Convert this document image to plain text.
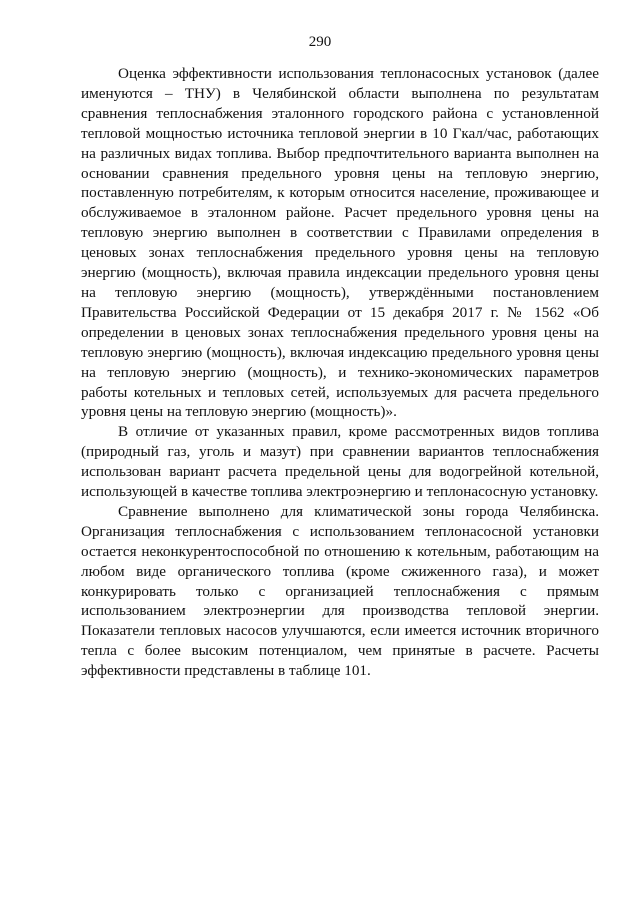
290

Оценка эффективности использования теплонасосных установок (далее именуются – ТНУ) в Челябинской области выполнена по результатам сравнения теплоснабжения эталонного городского района с установленной тепловой мощностью источника тепловой энергии в 10 Гкал/час, работающих на различных видах топлива. Выбор предпочтительного варианта выполнен на основании сравнения предельного уровня цены на тепловую энергию, поставленную потребителям, к которым относится население, проживающее и обслуживаемое в эталонном районе. Расчет предельного уровня цены на тепловую энергию выполнен в соответствии с Правилами определения в ценовых зонах теплоснабжения предельного уровня цены на тепловую энергию (мощность), включая правила индексации предельного уровня цены на тепловую энергию (мощность), утверждёнными постановлением Правительства Российской Федерации от 15 декабря 2017 г. № 1562 «Об определении в ценовых зонах теплоснабжения предельного уровня цены на тепловую энергию (мощность), включая индексацию предельного уровня цены на тепловую энергию (мощность), и технико-экономических параметров работы котельных и тепловых сетей, используемых для расчета предельного уровня цены на тепловую энергию (мощность)».

В отличие от указанных правил, кроме рассмотренных видов топлива (природный газ, уголь и мазут) при сравнении вариантов теплоснабжения использован вариант расчета предельной цены для водогрейной котельной, использующей в качестве топлива электроэнергию и теплонасосную установку.

Сравнение выполнено для климатической зоны города Челябинска. Организация теплоснабжения с использованием теплонасосной установки остается неконкурентоспособной по отношению к котельным, работающим на любом виде органического топлива (кроме сжиженного газа), и может конкурировать только с организацией теплоснабжения с прямым использованием электроэнергии для производства тепловой энергии. Показатели тепловых насосов улучшаются, если имеется источник вторичного тепла с более высоким потенциалом, чем принятые в расчете. Расчеты эффективности представлены в таблице 101.
